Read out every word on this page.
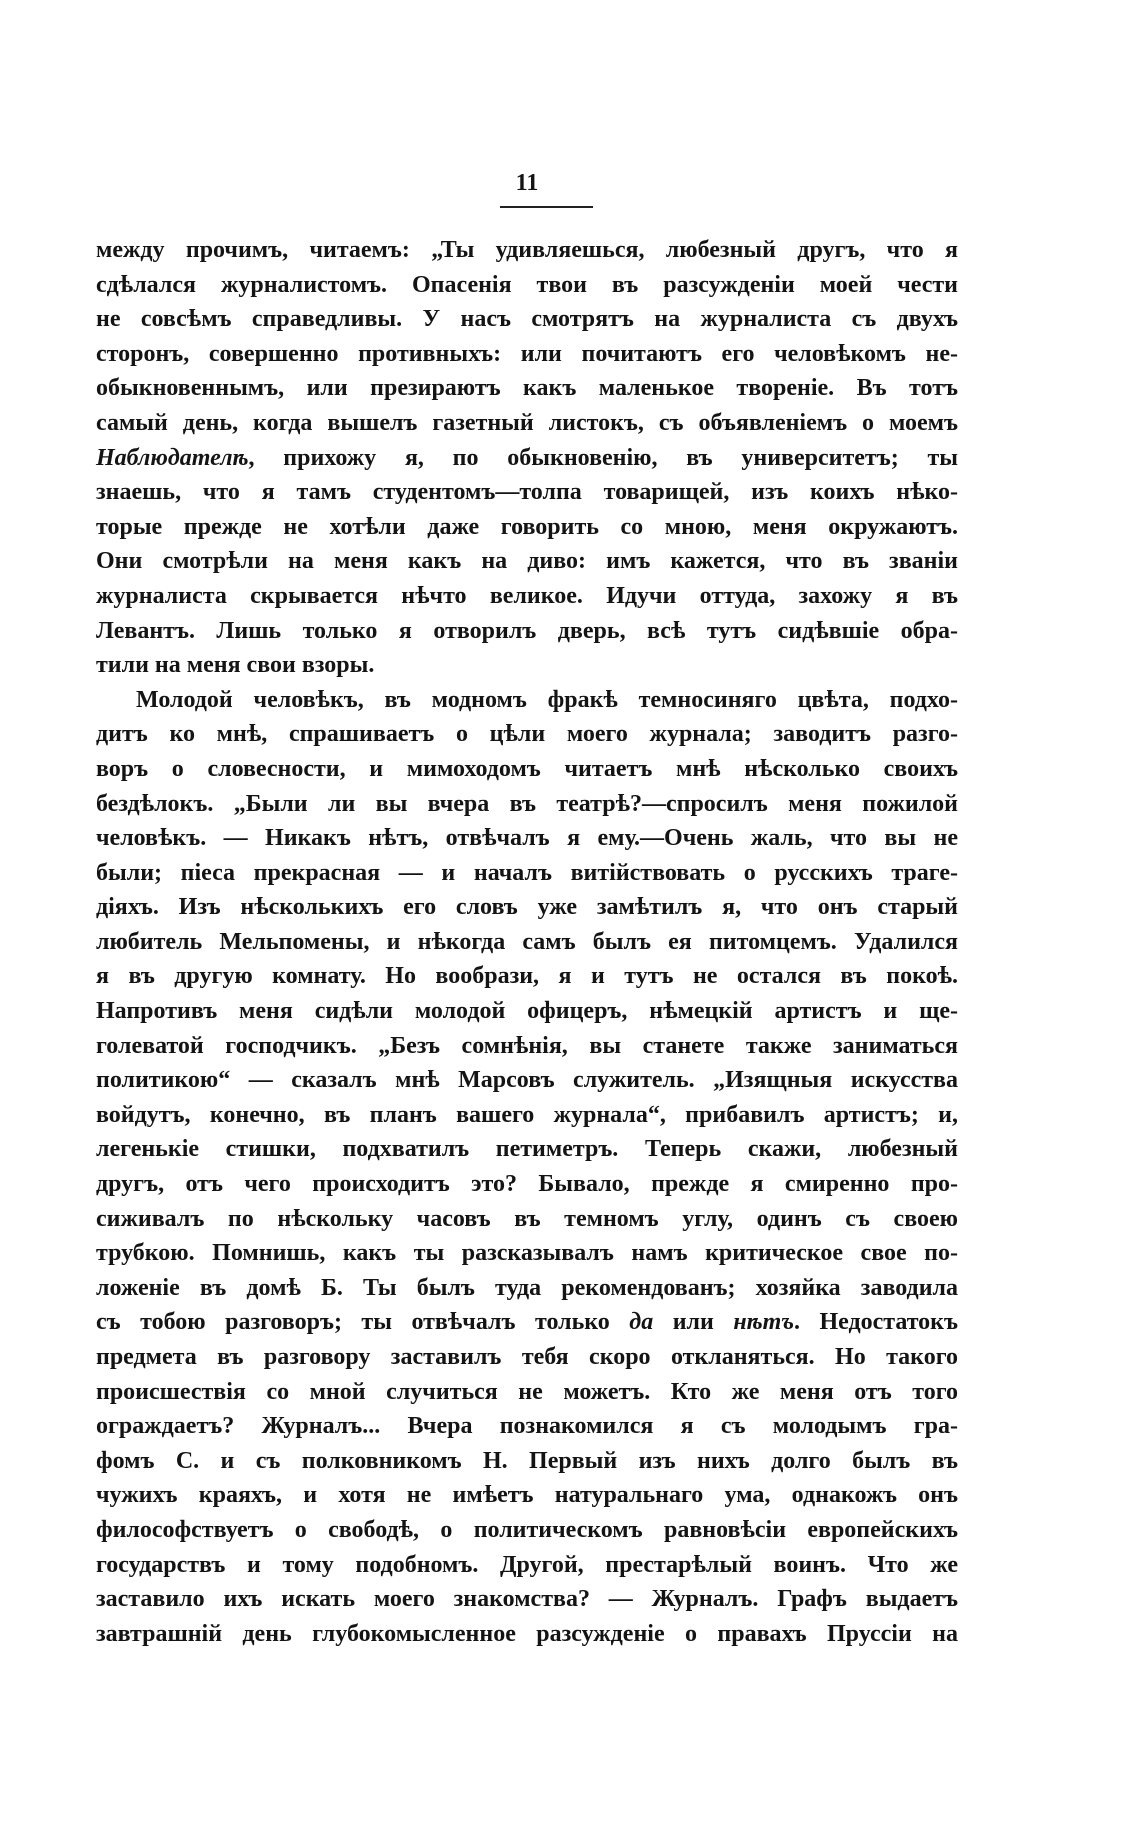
11
между прочимъ, читаемъ: „Ты удивляешься, любезный другъ, что я
сдѣлался журналистомъ. Опасенія твои въ разсужденіи моей чести
не совсѣмъ справедливы. У насъ смотрятъ на журналиста съ двухъ
сторонъ, совершенно противныхъ: или почитаютъ его человѣкомъ не-
обыкновеннымъ, или презираютъ какъ маленькое твореніе. Въ тотъ
самый день, когда вышелъ газетный листокъ, съ объявленіемъ о моемъ
Наблюдателѣ, прихожу я, по обыкновенію, въ университетъ; ты
знаешь, что я тамъ студентомъ—толпа товарищей, изъ коихъ нѣко-
торые прежде не хотѣли даже говорить со мною, меня окружаютъ.
Они смотрѣли на меня какъ на диво: имъ кажется, что въ званіи
журналиста скрывается нѣчто великое. Идучи оттуда, захожу я въ
Левантъ. Лишь только я отворилъ дверь, всѣ тутъ сидѣвшіе обра-
тили на меня свои взоры.
Молодой человѣкъ, въ модномъ фракѣ темносиняго цвѣта, подхо-
дитъ ко мнѣ, спрашиваетъ о цѣли моего журнала; заводитъ разго-
воръ о словесности, и мимоходомъ читаетъ мнѣ нѣсколько своихъ
бездѣлокъ. „Были ли вы вчера въ театрѣ?—спросилъ меня пожилой
человѣкъ. — Никакъ нѣтъ, отвѣчалъ я ему.—Очень жаль, что вы не
были; піеса прекрасная — и началъ витійствовать о русскихъ траге-
діяхъ. Изъ нѣсколькихъ его словъ уже замѣтилъ я, что онъ старый
любитель Мельпомены, и нѣкогда самъ былъ ея питомцемъ. Удалился
я въ другую комнату. Но вообрази, я и тутъ не остался въ покоѣ.
Напротивъ меня сидѣли молодой офицеръ, нѣмецкій артистъ и ще-
голеватой господчикъ. „Безъ сомнѣнія, вы станете также заниматься
политикою“ — сказалъ мнѣ Марсовъ служитель. „Изящныя искусства
войдутъ, конечно, въ планъ вашего журнала“, прибавилъ артистъ; и,
легенькіе стишки, подхватилъ петиметръ. Теперь скажи, любезный
другъ, отъ чего происходитъ это? Бывало, прежде я смиренно про-
сиживалъ по нѣскольку часовъ въ темномъ углу, одинъ съ своею
трубкою. Помнишь, какъ ты разсказывалъ намъ критическое свое по-
ложеніе въ домѣ Б. Ты былъ туда рекомендованъ; хозяйка заводила
съ тобою разговоръ; ты отвѣчалъ только да или нѣтъ. Недостатокъ
предмета въ разговору заставилъ тебя скоро откланяться. Но такого
происшествія со мной случиться не можетъ. Кто же меня отъ того
ограждаетъ? Журналъ... Вчера познакомился я съ молодымъ гра-
фомъ С. и съ полковникомъ Н. Первый изъ нихъ долго былъ въ
чужихъ краяхъ, и хотя не имѣетъ натуральнаго ума, однакожъ онъ
философствуетъ о свободѣ, о политическомъ равновѣсіи европейскихъ
государствъ и тому подобномъ. Другой, престарѣлый воинъ. Что же
заставило ихъ искать моего знакомства? — Журналъ. Графъ выдаетъ
завтрашній день глубокомысленное разсужденіе о правахъ Пруссіи на
